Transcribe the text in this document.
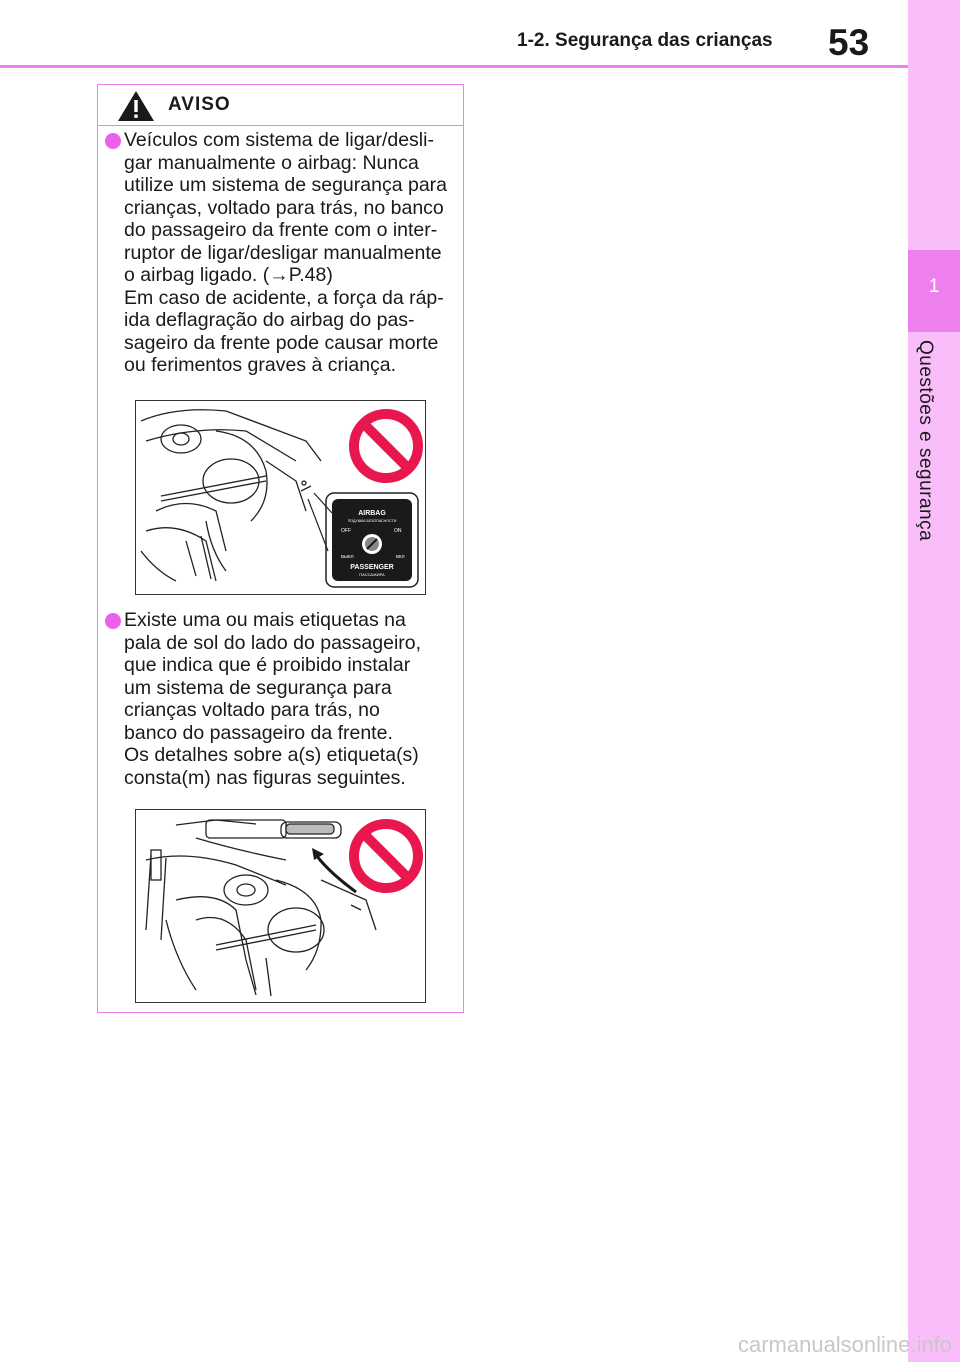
1-2. Segurança das crianças 53
1
Questões e segurança
AVISO

Veículos com sistema de ligar/desli-
gar manualmente o airbag: Nunca
utilize um sistema de segurança para
crianças, voltado para trás, no banco
do passageiro da frente com o inter-
ruptor de ligar/desligar manualmente
o airbag ligado. (→P.48)
Em caso de acidente, a força da ráp-
ida deflagração do airbag do pas-
sageiro da frente pode causar morte
ou ferimentos graves à criança.

AIRBAG
ПОДУШКА БЕЗОПАСНОСТИ
OFF	ON
ВЫКЛ	ВКЛ
PASSENGER
ПАССАЖИРА

Existe uma ou mais etiquetas na
pala de sol do lado do passageiro,
que indica que é proibido instalar
um sistema de segurança para
crianças voltado para trás, no
banco do passageiro da frente.
Os detalhes sobre a(s) etiqueta(s)
consta(m) nas figuras seguintes.

carmanualsonline.info
